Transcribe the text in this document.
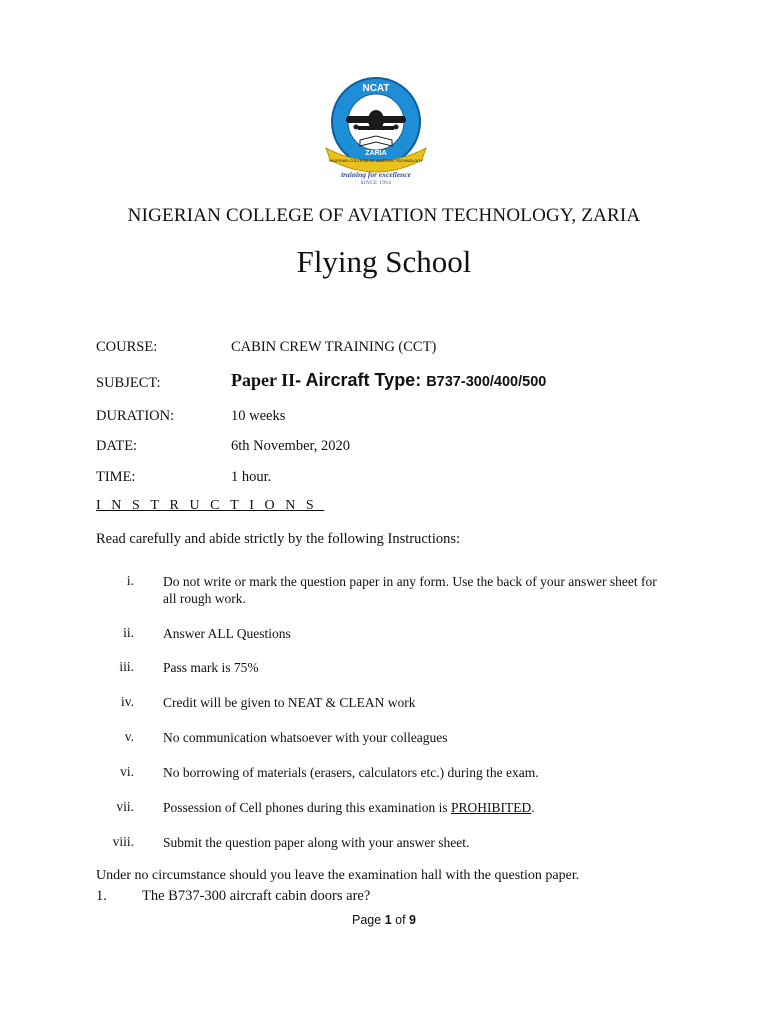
NCAT
NIGERIAN COLLEGE OF AVIATION TECHNOLOGY
ZARIA
training for excellence
SINCE 1964
NIGERIAN COLLEGE OF AVIATION TECHNOLOGY, ZARIA
Flying School
COURSE:	CABIN CREW TRAINING (CCT)
SUBJECT:	Paper II- Aircraft Type: B737-300/400/500
DURATION:	10 weeks
DATE:	6th November, 2020
TIME:	1 hour.
INSTRUCTIONS
Read carefully and abide strictly by the following Instructions:
i. Do not write or mark the question paper in any form. Use the back of your answer sheet for all rough work.
ii. Answer ALL Questions
iii. Pass mark is 75%
iv. Credit will be given to NEAT & CLEAN work
v. No communication whatsoever with your colleagues
vi. No borrowing of materials (erasers, calculators etc.) during the exam.
vii. Possession of Cell phones during this examination is PROHIBITED.
viii. Submit the question paper along with your answer sheet.
Under no circumstance should you leave the examination hall with the question paper.
1. The B737-300 aircraft cabin doors are?
Page 1 of 9
